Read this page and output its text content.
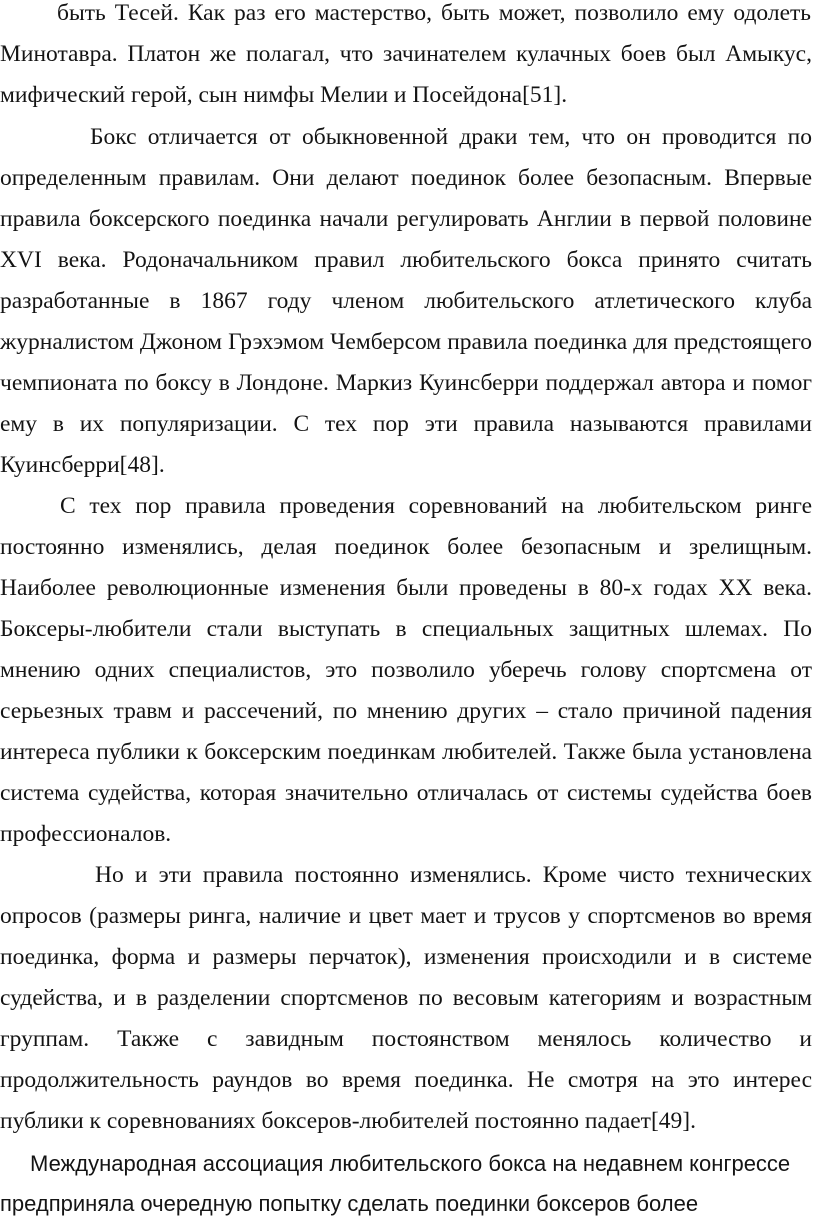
быть Тесей. Как раз его мастерство, быть может, позволило ему одолеть
Минотавра. Платон же полагал, что зачинателем кулачных боев был Амыкус,
мифический герой, сын нимфы Мелии и Посейдона[51].
Бокс отличается от обыкновенной драки тем, что он проводится по
определенным правилам. Они делают поединок более безопасным. Впервые
правила боксерского поединка начали регулировать Англии в первой половине
XVI века. Родоначальником правил любительского бокса принято считать
разработанные в 1867 году членом любительского атлетического клуба
журналистом Джоном Грэхэмом Чемберсом правила поединка для предстоящего
чемпионата по боксу в Лондоне. Маркиз Куинсберри поддержал автора и помог
ему в их популяризации. С тех пор эти правила называются правилами
Куинсберри[48].
С тех пор правила проведения соревнований на любительском ринге
постоянно изменялись, делая поединок более безопасным и зрелищным.
Наиболее революционные изменения были проведены в 80-х годах XX века.
Боксеры-любители стали выступать в специальных защитных шлемах. По
мнению одних специалистов, это позволило уберечь голову спортсмена от
серьезных травм и рассечений, по мнению других – стало причиной падения
интереса публики к боксерским поединкам любителей. Также была установлена
система судейства, которая значительно отличалась от системы судейства боев
профессионалов.
Но и эти правила постоянно изменялись. Кроме чисто технических
опросов (размеры ринга, наличие и цвет мает и трусов у спортсменов во время
поединка, форма и размеры перчаток), изменения происходили и в системе
судейства, и в разделении спортсменов по весовым категориям и возрастным
группам. Также с завидным постоянством менялось количество и
продолжительность раундов во время поединка. Не смотря на это интерес
публики к соревнованиях боксеров-любителей постоянно падает[49].
Международная ассоциация любительского бокса на недавнем конгрессе
предприняла очередную попытку сделать поединки боксеров более
